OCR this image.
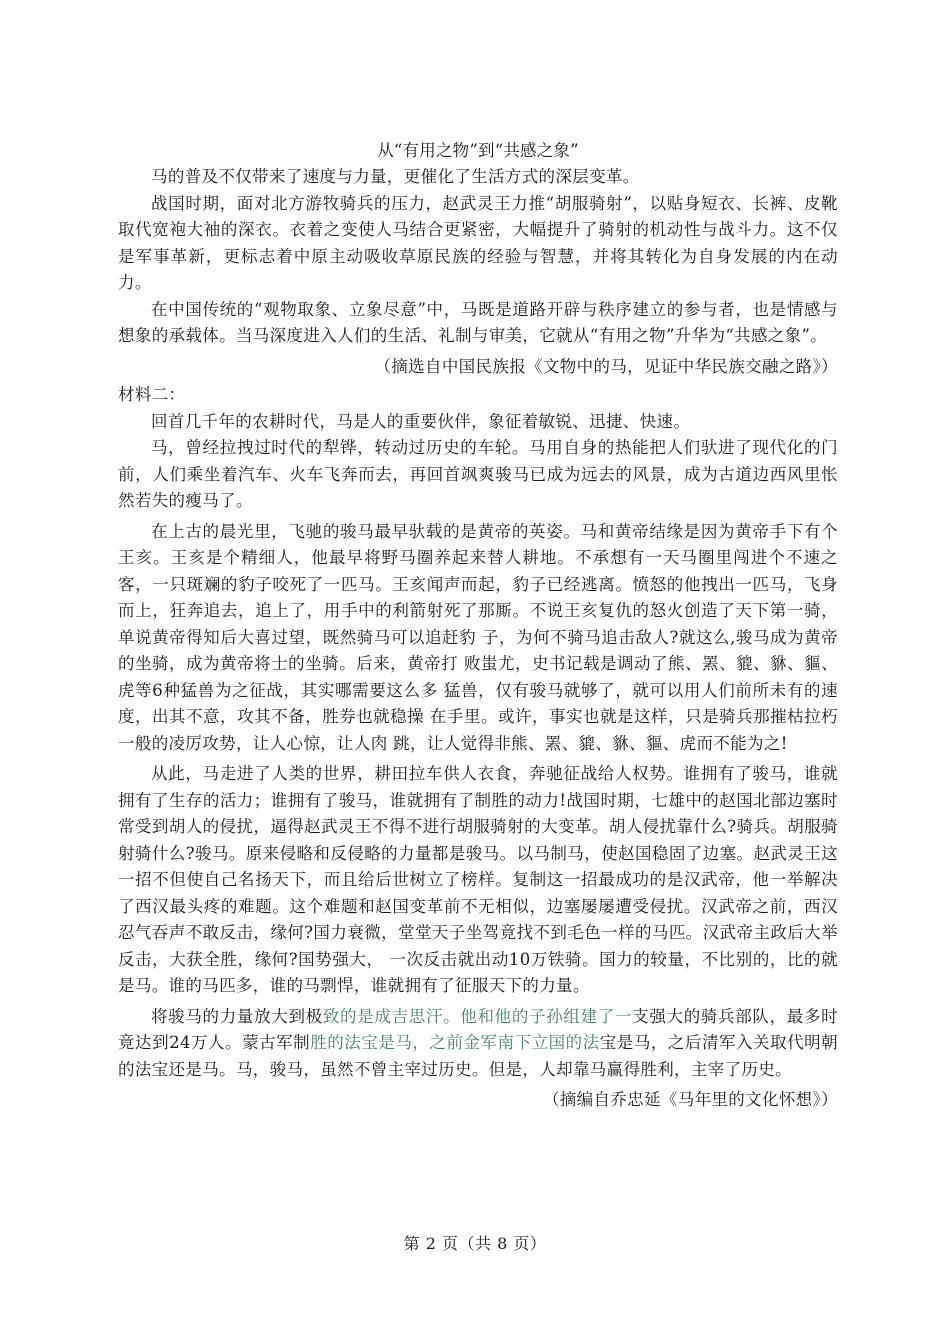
从“有用之物”到“共感之象”

马的普及不仅带来了速度与力量，更催化了生活方式的深层变革。

战国时期，面对北方游牧骑兵的压力，赵武灵王力推“胡服骑射”，以贴身短衣、长裤、皮靴取代宽袍大袖的深衣。衣着之变使人马结合更紧密，大幅提升了骑射的机动性与战斗力。这不仅是军事革新，更标志着中原主动吸收草原民族的经验与智慧，并将其转化为自身发展的内在动力。

在中国传统的“观物取象、立象尽意”中，马既是道路开辟与秩序建立的参与者，也是情感与想象的承载体。当马深度进入人们的生活、礼制与审美，它就从“有用之物”升华为“共感之象”。

（摘选自中国民族报《文物中的马，见证中华民族交融之路》）

材料二：

回首几千年的农耕时代，马是人的重要伙伴，象征着敏锐、迅捷、快速。

马，曾经拉拽过时代的犁铧，转动过历史的车轮。马用自身的热能把人们驮进了现代化的门前，人们乘坐着汽车、火车飞奔而去，再回首飒爽骏马已成为远去的风景，成为古道边西风里怅然若失的瘦马了。

在上古的晨光里，飞驰的骏马最早驮载的是黄帝的英姿。马和黄帝结缘是因为黄帝手下有个王亥。王亥是个精细人，他最早将野马圈养起来替人耕地。不承想有一天马圈里闯进个不速之客，一只斑斓的豹子咬死了一匹马。王亥闻声而起，豹子已经逃离。愤怒的他拽出一匹马，飞身而上，狂奔追去，追上了，用手中的利箭射死了那厮。不说王亥复仇的怒火创造了天下第一骑， 单说黄帝得知后大喜过望，既然骑马可以追赶豹 子，为何不骑马追击敌人?就这么,骏马成为黄帝的坐骑，成为黄帝将士的坐骑。后来，黄帝打 败蚩尤，史书记载是调动了熊、罴、貔、貅、貙、虎等6种猛兽为之征战，其实哪需要这么多 猛兽，仅有骏马就够了，就可以用人们前所未有的速度，出其不意，攻其不备，胜券也就稳操 在手里。或许，事实也就是这样，只是骑兵那摧枯拉朽一般的凌厉攻势，让人心惊，让人肉 跳，让人觉得非熊、罴、貔、貅、貙、虎而不能为之!

从此，马走进了人类的世界，耕田拉车供人衣食，奔驰征战给人权势。谁拥有了骏马，谁就拥有了生存的活力；谁拥有了骏马，谁就拥有了制胜的动力!战国时期，七雄中的赵国北部边塞时常受到胡人的侵扰，逼得赵武灵王不得不进行胡服骑射的大变革。胡人侵扰靠什么?骑兵。胡服骑射骑什么?骏马。原来侵略和反侵略的力量都是骏马。以马制马，使赵国稳固了边塞。赵武灵王这一招不但使自己名扬天下，而且给后世树立了榜样。复制这一招最成功的是汉武帝，他一举解决了西汉最头疼的难题。这个难题和赵国变革前不无相似，边塞屡屡遭受侵扰。汉武帝之前，西汉忍气吞声不敢反击，缘何?国力衰微，堂堂天子坐驾竟找不到毛色一样的马匹。汉武帝主政后大举反击，大获全胜，缘何?国势强大， 一次反击就出动10万铁骑。国力的较量，不比别的，比的就是马。谁的马匹多，谁的马剽悍，谁就拥有了征服天下的力量。

将骏马的力量放大到极致的是成吉思汗。他和他的子孙组建了一支强大的骑兵部队，最多时竟达到24万人。蒙古军制胜的法宝是马，之前金军南下立国的法宝是马，之后清军入关取代明朝的法宝还是马。马，骏马，虽然不曾主宰过历史。但是，人却靠马赢得胜利，主宰了历史。

（摘编自乔忠延《马年里的文化怀想》）

第 2 页（共 8 页）
